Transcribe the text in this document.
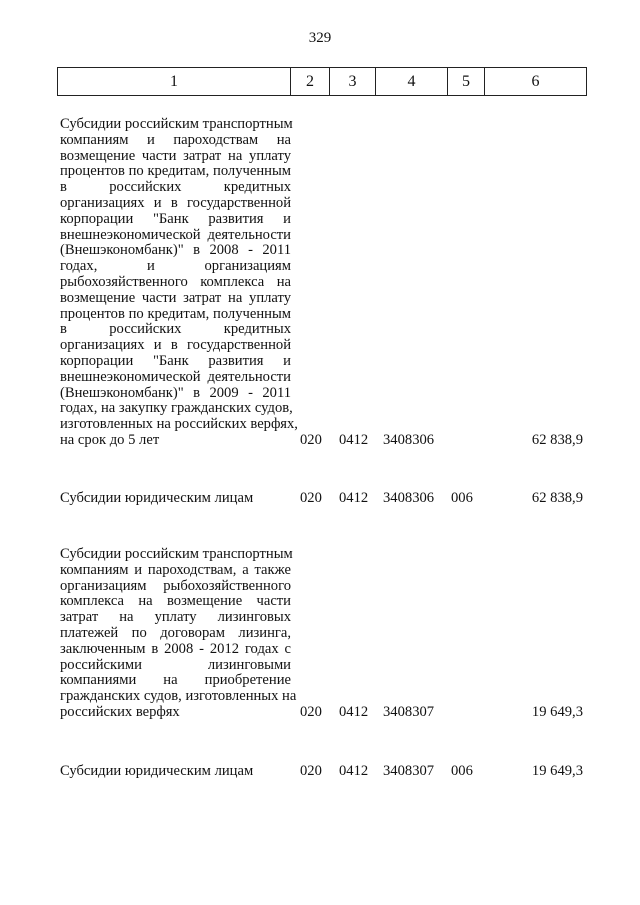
329
1	2	3	4	5	6
Субсидии российским транспортным
компаниям и пароходствам на
возмещение части затрат на уплату
процентов по кредитам, полученным
в российских кредитных
организациях и в государственной
корпорации "Банк развития и
внешнеэкономической деятельности
(Внешэкономбанк)" в 2008 - 2011
годах, и организациям
рыбохозяйственного комплекса на
возмещение части затрат на уплату
процентов по кредитам, полученным
в российских кредитных
организациях и в государственной
корпорации "Банк развития и
внешнеэкономической деятельности
(Внешэкономбанк)" в 2009 - 2011
годах, на закупку гражданских судов,
изготовленных на российских верфях,
на срок до 5 лет	020 0412 3408306	62 838,9
Субсидии юридическим лицам	020 0412 3408306 006	62 838,9
Субсидии российским транспортным
компаниям и пароходствам, а также
организациям рыбохозяйственного
комплекса на возмещение части
затрат на уплату лизинговых
платежей по договорам лизинга,
заключенным в 2008 - 2012 годах с
российскими лизинговыми
компаниями на приобретение
гражданских судов, изготовленных на
российских верфях	020 0412 3408307	19 649,3
Субсидии юридическим лицам	020 0412 3408307 006	19 649,3
